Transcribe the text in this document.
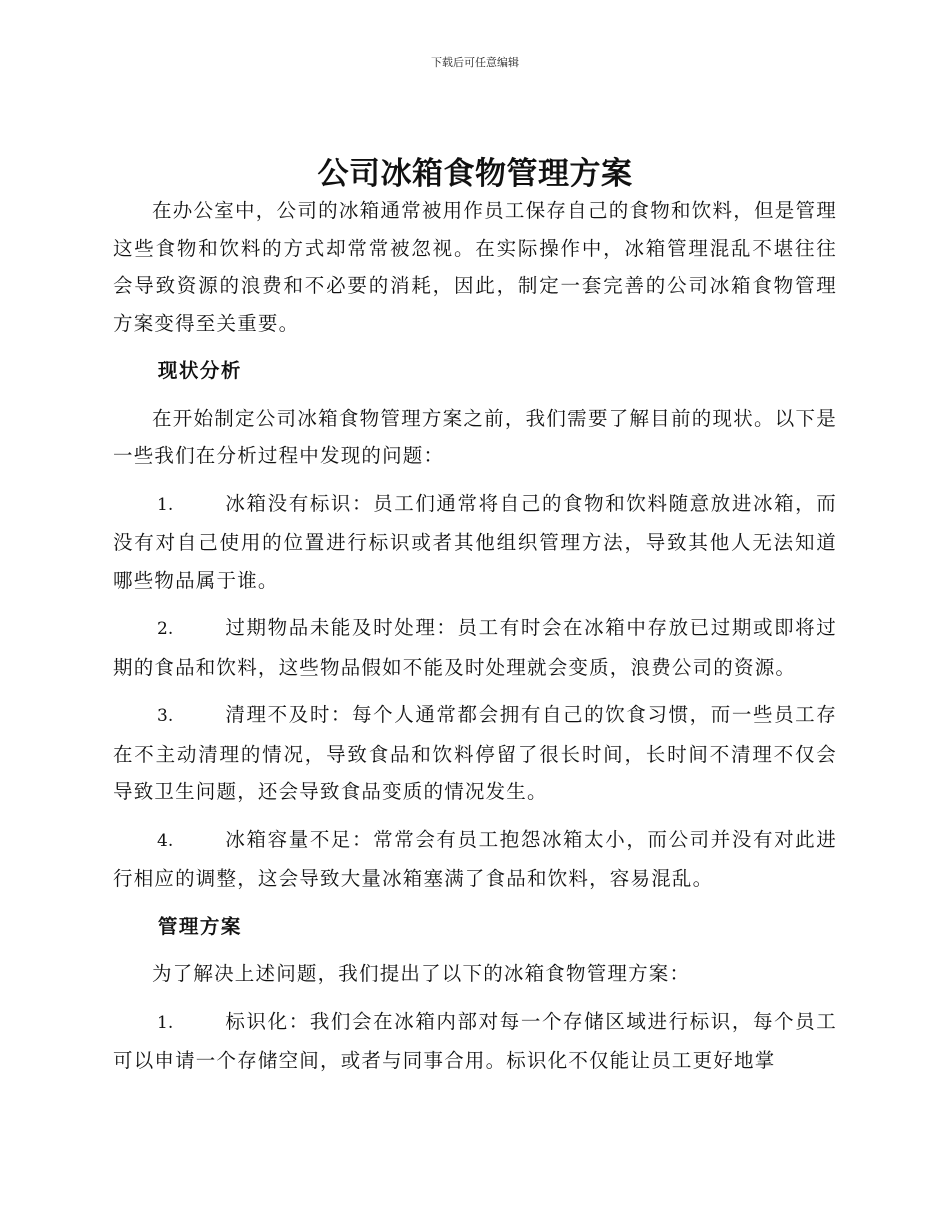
下载后可任意编辑
公司冰箱食物管理方案

在办公室中，公司的冰箱通常被用作员工保存自己的食物和饮料，但是管理这些食物和饮料的方式却常常被忽视。在实际操作中，冰箱管理混乱不堪往往会导致资源的浪费和不必要的消耗，因此，制定一套完善的公司冰箱食物管理方案变得至关重要。

现状分析

在开始制定公司冰箱食物管理方案之前，我们需要了解目前的现状。以下是一些我们在分析过程中发现的问题：

1.	冰箱没有标识：员工们通常将自己的食物和饮料随意放进冰箱，而没有对自己使用的位置进行标识或者其他组织管理方法，导致其他人无法知道哪些物品属于谁。

2.	过期物品未能及时处理：员工有时会在冰箱中存放已过期或即将过期的食品和饮料，这些物品假如不能及时处理就会变质，浪费公司的资源。

3.	清理不及时：每个人通常都会拥有自己的饮食习惯，而一些员工存在不主动清理的情况，导致食品和饮料停留了很长时间，长时间不清理不仅会导致卫生问题，还会导致食品变质的情况发生。

4.	冰箱容量不足：常常会有员工抱怨冰箱太小，而公司并没有对此进行相应的调整，这会导致大量冰箱塞满了食品和饮料，容易混乱。

管理方案

为了解决上述问题，我们提出了以下的冰箱食物管理方案：

1.	标识化：我们会在冰箱内部对每一个存储区域进行标识，每个员工可以申请一个存储空间，或者与同事合用。标识化不仅能让员工更好地掌
